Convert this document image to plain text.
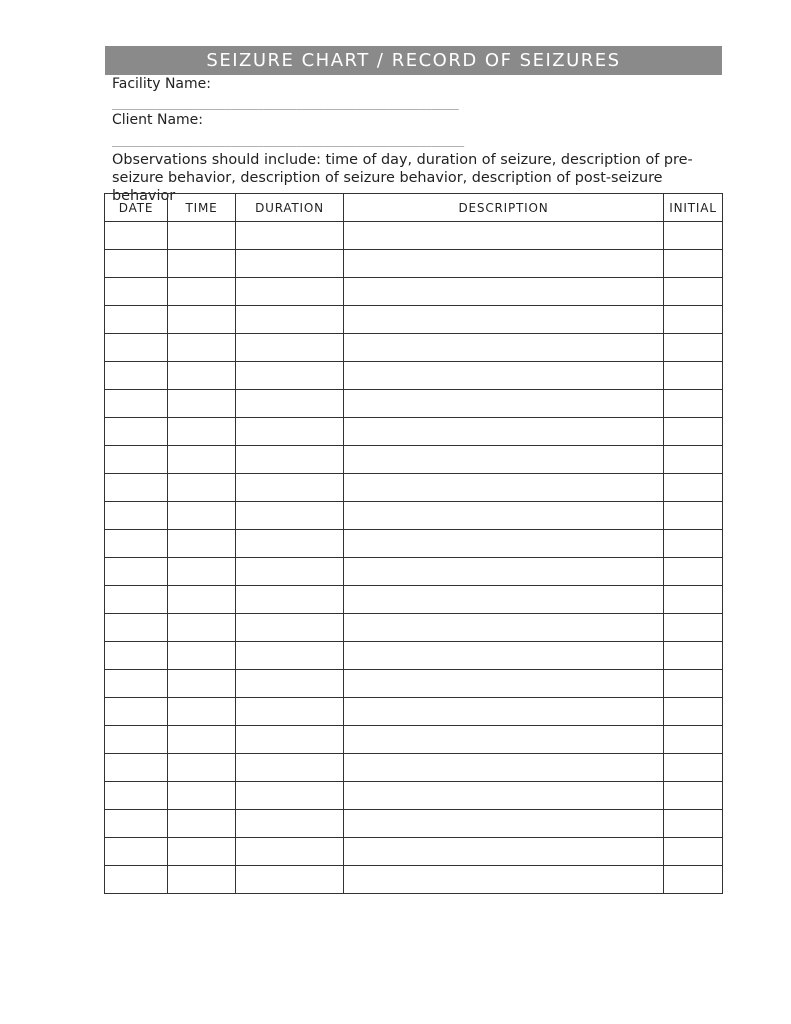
SEIZURE CHART / RECORD OF SEIZURES
Facility Name:
________________________________________________________________
Client Name:
_________________________________________________________________
Observations should include: time of day, duration of seizure, description of pre-seizure behavior, description of seizure behavior, description of post-seizure behavior
DATE	TIME	DURATION	DESCRIPTION	INITIAL
